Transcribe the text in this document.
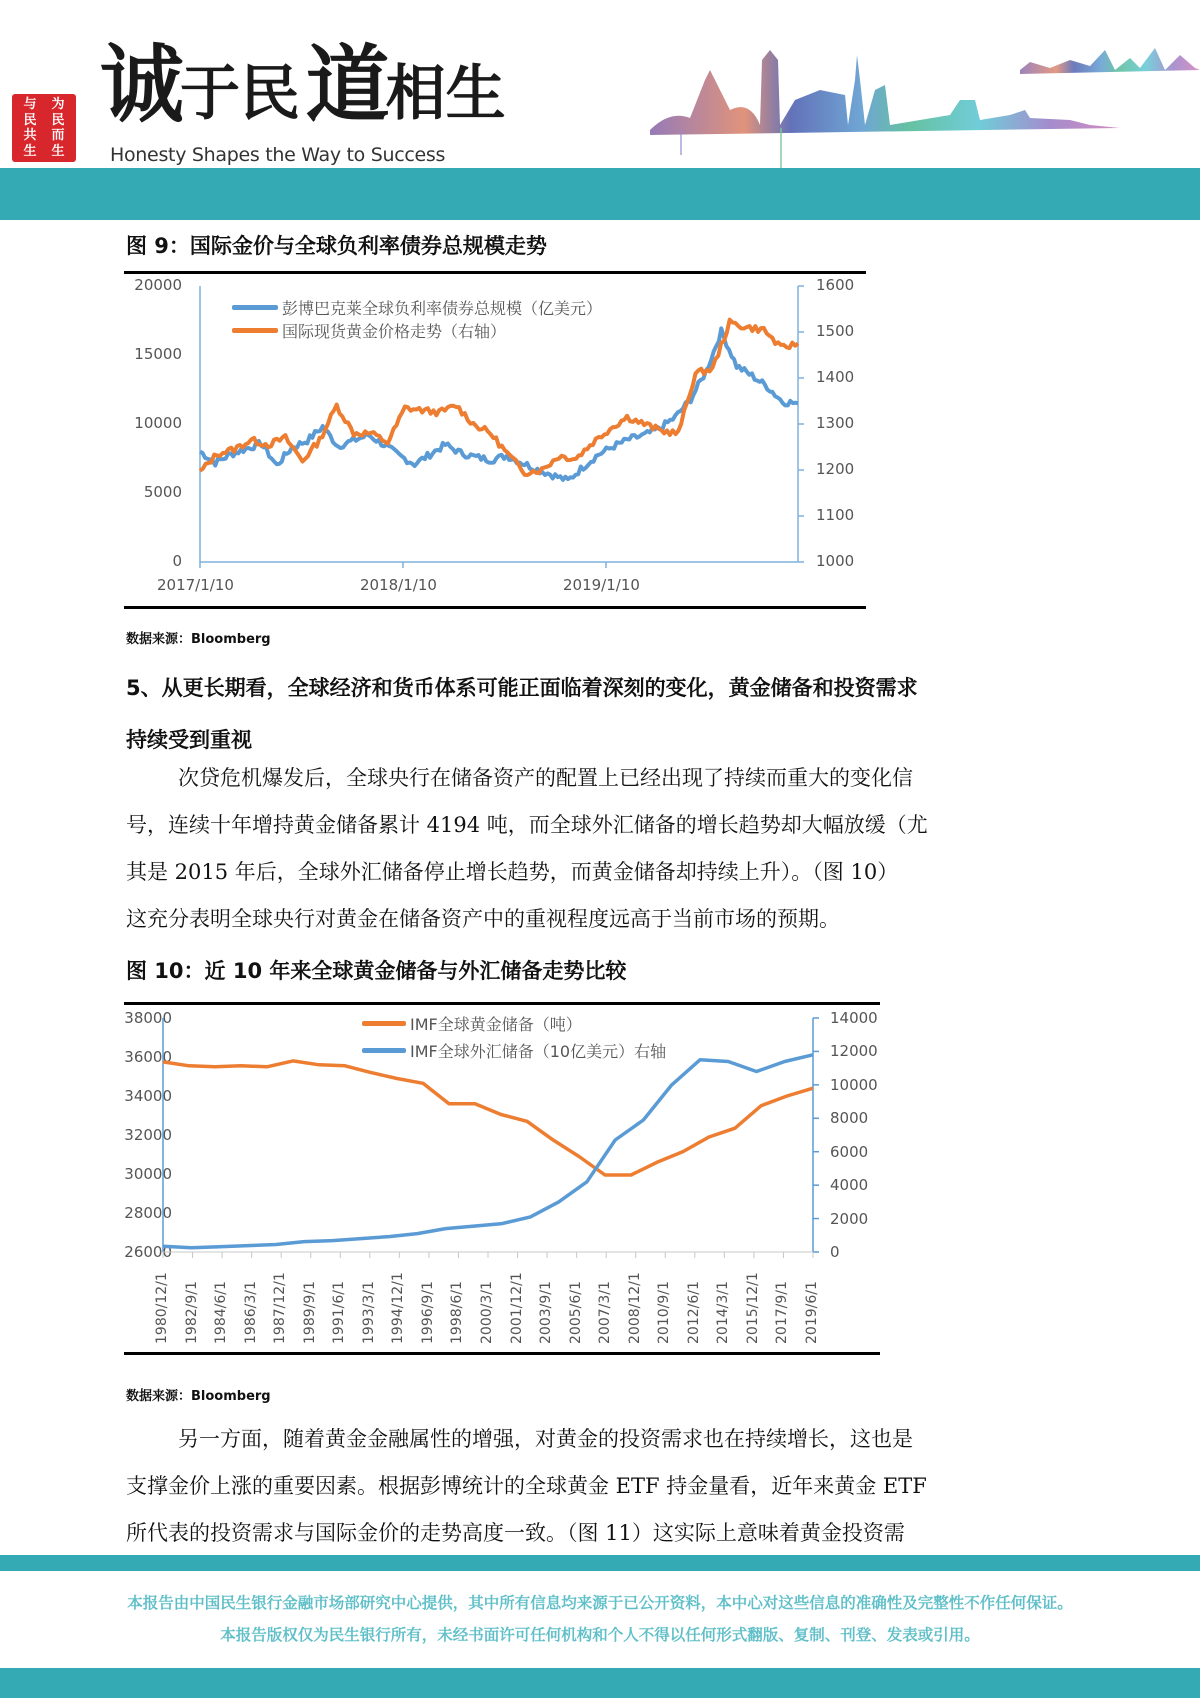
与	为
民	民
共	而
生	生
诚于民 道相生
Honesty Shapes the Way to Success
图 9：国际金价与全球负利率债券总规模走势
20000
15000
10000
5000
0
1600
1500
1400
1300
1200
1100
1000
2017/1/10	2018/1/10	2019/1/10
彭博巴克莱全球负利率债券总规模（亿美元）
国际现货黄金价格走势（右轴）
数据来源：Bloomberg
5、从更长期看，全球经济和货币体系可能正面临着深刻的变化，黄金储备和投资需求
持续受到重视
次贷危机爆发后，全球央行在储备资产的配置上已经出现了持续而重大的变化信
号，连续十年增持黄金储备累计 4194 吨，而全球外汇储备的增长趋势却大幅放缓（尤
其是 2015 年后，全球外汇储备停止增长趋势，而黄金储备却持续上升）。（图 10）
这充分表明全球央行对黄金在储备资产中的重视程度远高于当前市场的预期。
图 10：近 10 年来全球黄金储备与外汇储备走势比较
38000
36000
34000
32000
30000
28000
26000
14000
12000
10000
8000
6000
4000
2000
0
1980/12/1 1982/9/1 1984/6/1 1986/3/1 1987/12/1 1989/9/1 1991/6/1 1993/3/1 1994/12/1 1996/9/1 1998/6/1 2000/3/1 2001/12/1 2003/9/1 2005/6/1 2007/3/1 2008/12/1 2010/9/1 2012/6/1 2014/3/1 2015/12/1 2017/9/1 2019/6/1
IMF全球黄金储备（吨）
IMF全球外汇储备（10亿美元）右轴
数据来源：Bloomberg
另一方面，随着黄金金融属性的增强，对黄金的投资需求也在持续增长，这也是
支撑金价上涨的重要因素。根据彭博统计的全球黄金 ETF 持金量看，近年来黄金 ETF
所代表的投资需求与国际金价的走势高度一致。（图 11）这实际上意味着黄金投资需
本报告由中国民生银行金融市场部研究中心提供，其中所有信息均来源于已公开资料，本中心对这些信息的准确性及完整性不作任何保证。
本报告版权仅为民生银行所有，未经书面许可任何机构和个人不得以任何形式翻版、复制、刊登、发表或引用。
